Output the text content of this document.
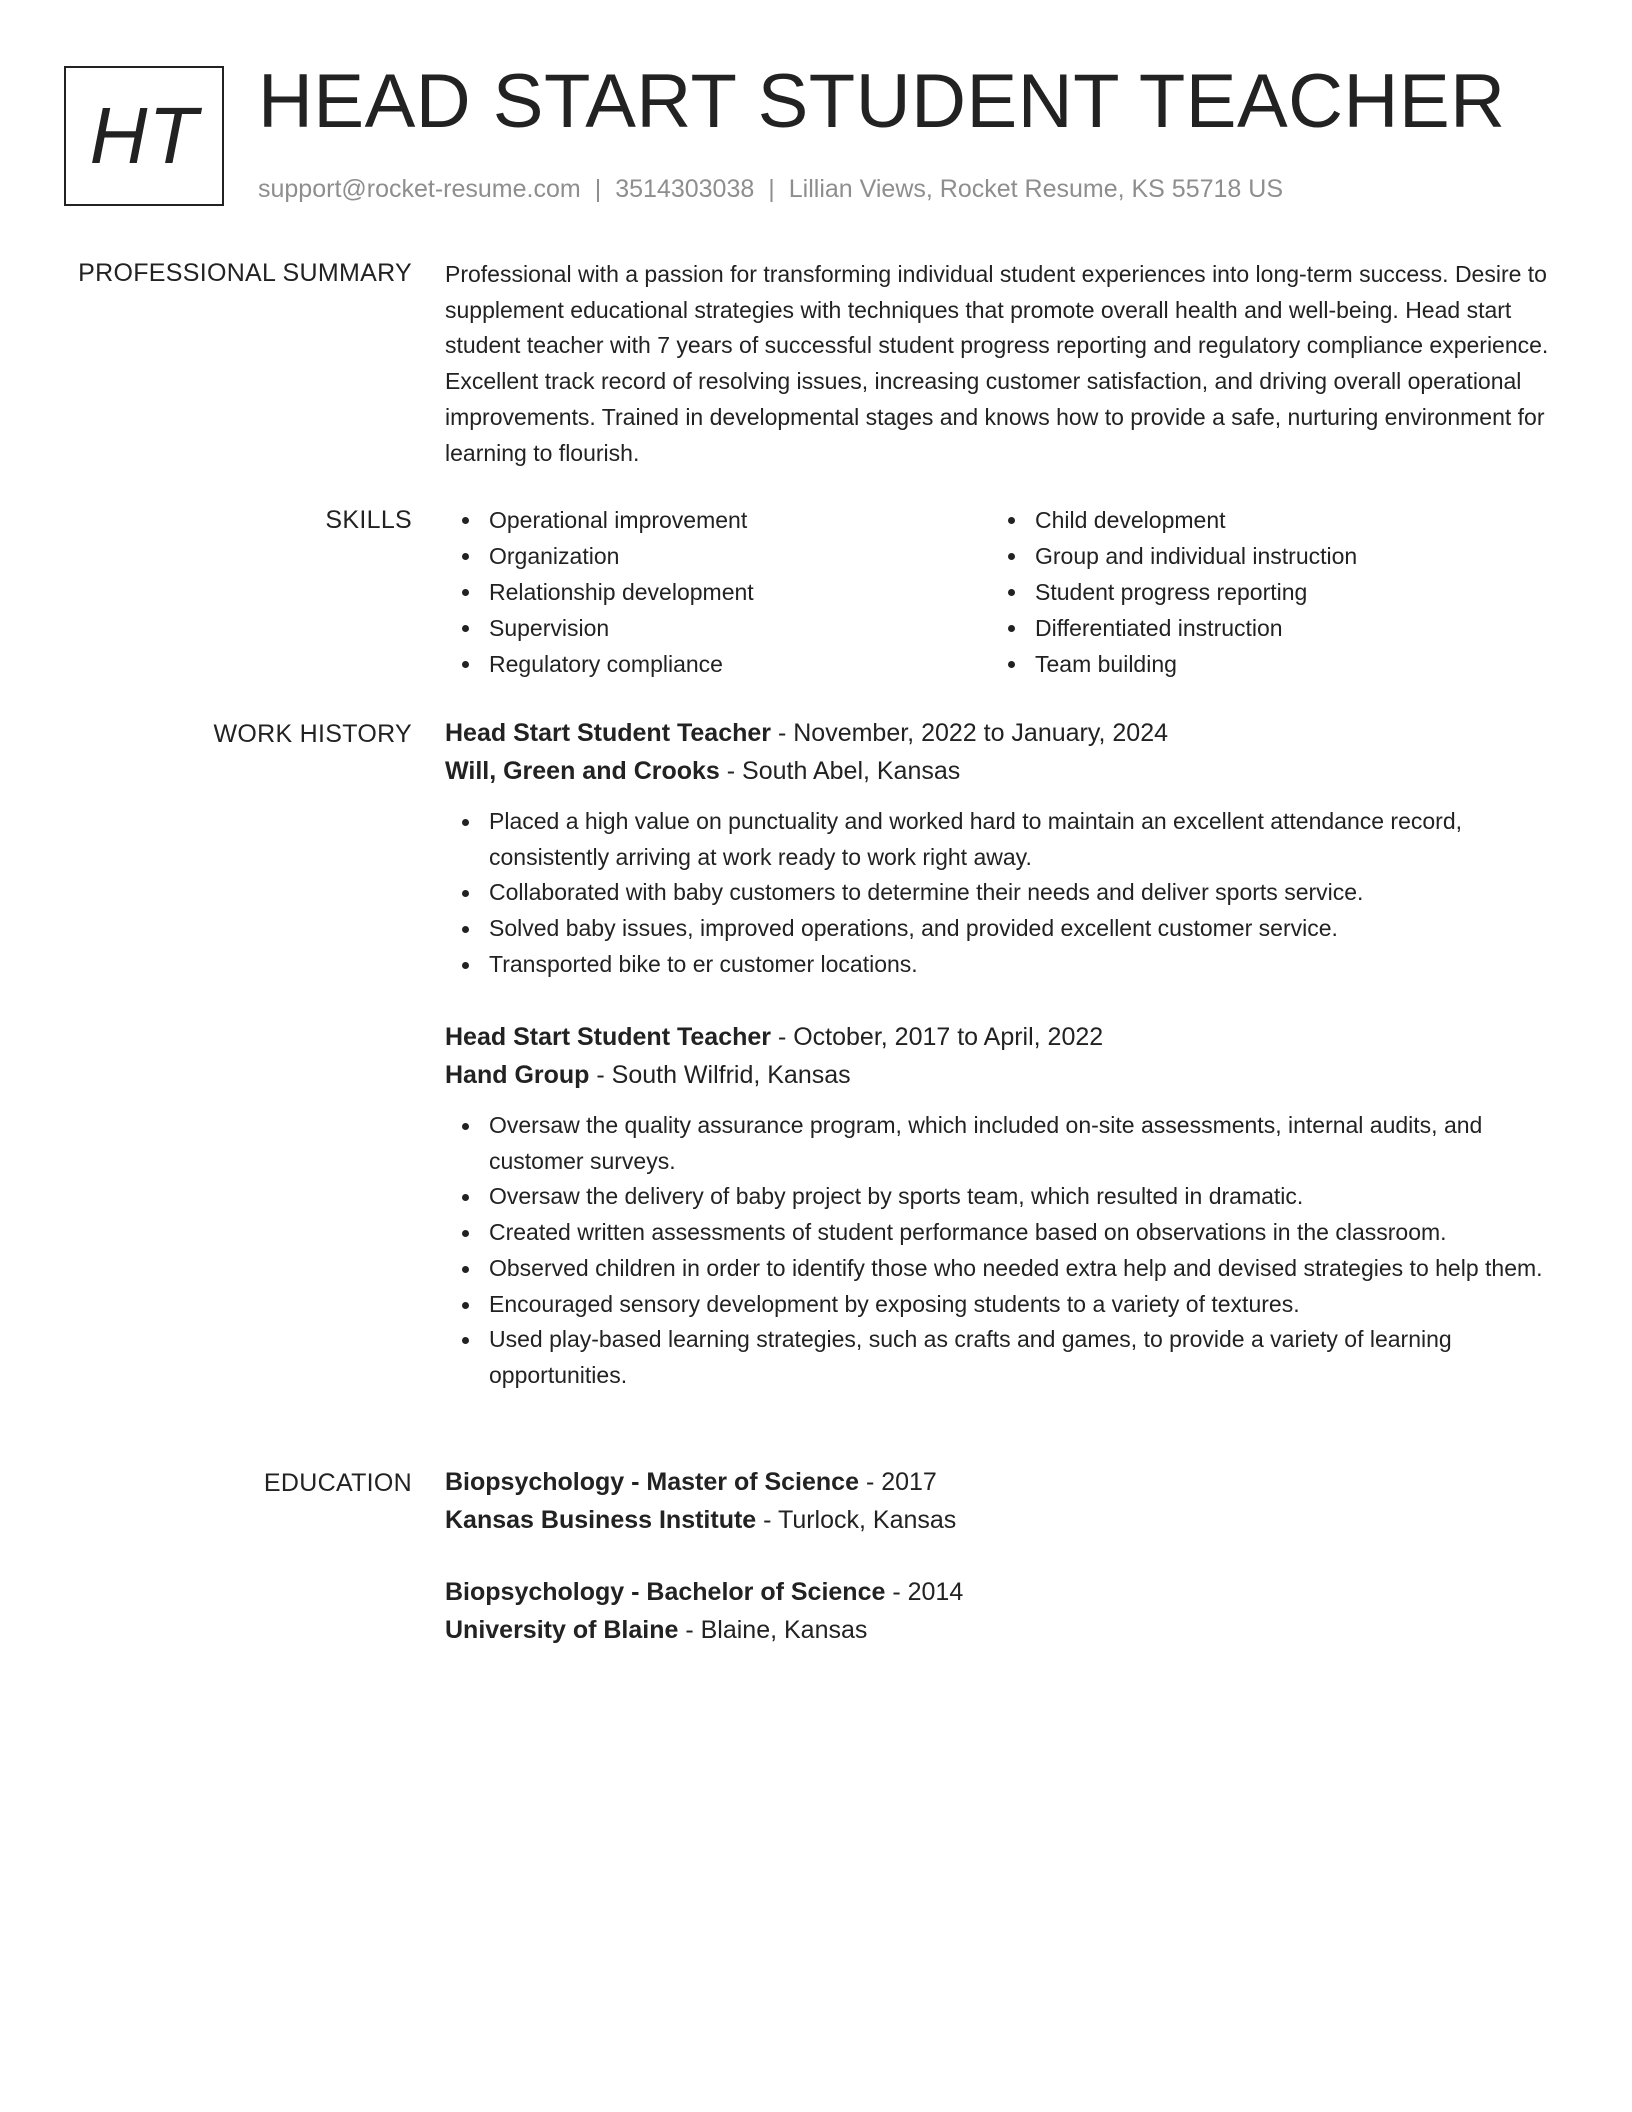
HT HEAD START STUDENT TEACHER
support@rocket-resume.com | 3514303038 | Lillian Views, Rocket Resume, KS 55718 US
PROFESSIONAL SUMMARY Professional with a passion for transforming individual student experiences into long-term success. Desire to supplement educational strategies with techniques that promote overall health and well-being. Head start student teacher with 7 years of successful student progress reporting and regulatory compliance experience. Excellent track record of resolving issues, increasing customer satisfaction, and driving overall operational improvements. Trained in developmental stages and knows how to provide a safe, nurturing environment for learning to flourish.

SKILLS	Operational improvement
Organization
Relationship development
Supervision
Regulatory compliance
Child development
Group and individual instruction
Student progress reporting
Differentiated instruction
Team building
WORK HISTORY Head Start Student Teacher - November, 2022 to January, 2024
Will, Green and Crooks - South Abel, Kansas
Placed a high value on punctuality and worked hard to maintain an excellent attendance record, consistently arriving at work ready to work right away.
Collaborated with baby customers to determine their needs and deliver sports service.
Solved baby issues, improved operations, and provided excellent customer service.
Transported bike to er customer locations.
Head Start Student Teacher - October, 2017 to April, 2022
Hand Group - South Wilfrid, Kansas
Oversaw the quality assurance program, which included on-site assessments, internal audits, and customer surveys.
Oversaw the delivery of baby project by sports team, which resulted in dramatic.
Created written assessments of student performance based on observations in the classroom.
Observed children in order to identify those who needed extra help and devised strategies to help them.
Encouraged sensory development by exposing students to a variety of textures.
Used play-based learning strategies, such as crafts and games, to provide a variety of learning opportunities.
EDUCATION Biopsychology - Master of Science - 2017
Kansas Business Institute - Turlock, Kansas
Biopsychology - Bachelor of Science - 2014
University of Blaine - Blaine, Kansas
